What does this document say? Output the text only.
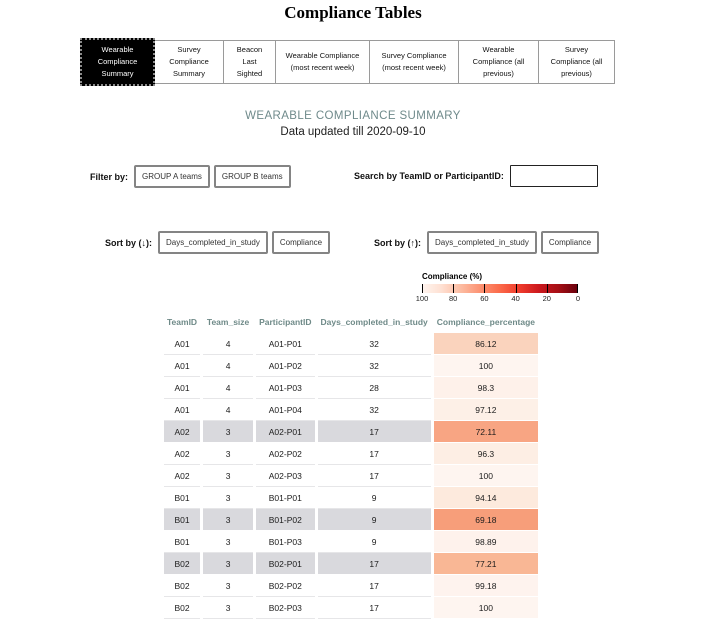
Compliance Tables
Wearable Compliance Summary
Survey Compliance Summary
Beacon Last Sighted
Wearable Compliance (most recent week)
Survey Compliance (most recent week)
Wearable Compliance (all previous)
Survey Compliance (all previous)
WEARABLE COMPLIANCE SUMMARY
Data updated till 2020-09-10
Filter by:	GROUP A teams	GROUP B teams	Search by TeamID or ParticipantID:
Sort by (↓):	Days_completed_in_study	Compliance	Sort by (↑):	Days_completed_in_study	Compliance
Compliance (%)
100	80	60	40	20	0
TeamID	Team_size	ParticipantID	Days_completed_in_study	Compliance_percentage
A01	4	A01-P01	32	86.12
A01	4	A01-P02	32	100
A01	4	A01-P03	28	98.3
A01	4	A01-P04	32	97.12
A02	3	A02-P01	17	72.11
A02	3	A02-P02	17	96.3
A02	3	A02-P03	17	100
B01	3	B01-P01	9	94.14
B01	3	B01-P02	9	69.18
B01	3	B01-P03	9	98.89
B02	3	B02-P01	17	77.21
B02	3	B02-P02	17	99.18
B02	3	B02-P03	17	100
